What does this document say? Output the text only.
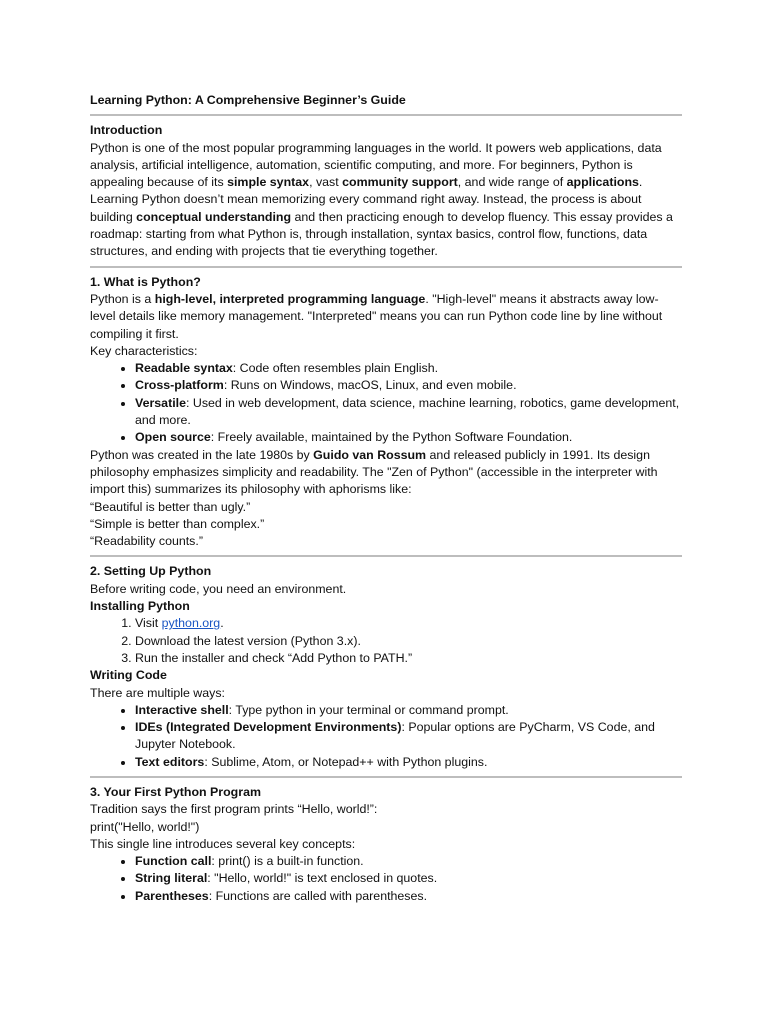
Learning Python: A Comprehensive Beginner’s Guide

Introduction

Python is one of the most popular programming languages in the world. It powers web applications, data analysis, artificial intelligence, automation, scientific computing, and more. For beginners, Python is appealing because of its simple syntax, vast community support, and wide range of applications. Learning Python doesn’t mean memorizing every command right away. Instead, the process is about building conceptual understanding and then practicing enough to develop fluency. This essay provides a roadmap: starting from what Python is, through installation, syntax basics, control flow, functions, data structures, and ending with projects that tie everything together.

1. What is Python?

Python is a high-level, interpreted programming language. "High-level" means it abstracts away low-level details like memory management. "Interpreted" means you can run Python code line by line without compiling it first.

Key characteristics:

• Readable syntax: Code often resembles plain English.
• Cross-platform: Runs on Windows, macOS, Linux, and even mobile.
• Versatile: Used in web development, data science, machine learning, robotics, game development, and more.
• Open source: Freely available, maintained by the Python Software Foundation.

Python was created in the late 1980s by Guido van Rossum and released publicly in 1991. Its design philosophy emphasizes simplicity and readability. The "Zen of Python" (accessible in the interpreter with import this) summarizes its philosophy with aphorisms like:

“Beautiful is better than ugly.”

“Simple is better than complex.”

“Readability counts.”

2. Setting Up Python

Before writing code, you need an environment.

Installing Python
1. Visit python.org.
2. Download the latest version (Python 3.x).
3. Run the installer and check “Add Python to PATH.”
Writing Code

There are multiple ways:

• Interactive shell: Type python in your terminal or command prompt.
• IDEs (Integrated Development Environments): Popular options are PyCharm, VS Code, and Jupyter Notebook.
• Text editors: Sublime, Atom, or Notepad++ with Python plugins.
3. Your First Python Program

Tradition says the first program prints “Hello, world!”:

print("Hello, world!")

This single line introduces several key concepts:

• Function call: print() is a built-in function.
• String literal: "Hello, world!" is text enclosed in quotes.
• Parentheses: Functions are called with parentheses.
